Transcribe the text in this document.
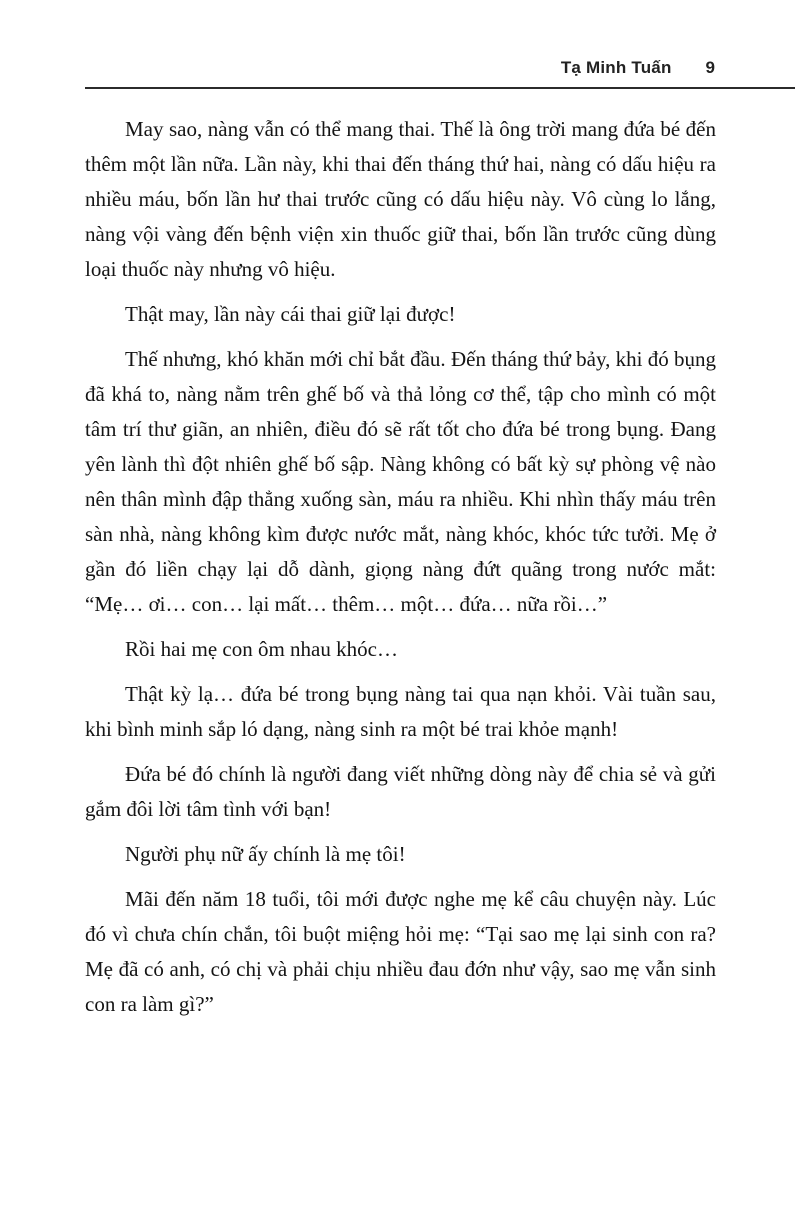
Tạ Minh Tuấn 9

May sao, nàng vẫn có thể mang thai. Thế là ông trời mang đứa bé đến thêm một lần nữa. Lần này, khi thai đến tháng thứ hai, nàng có dấu hiệu ra nhiều máu, bốn lần hư thai trước cũng có dấu hiệu này. Vô cùng lo lắng, nàng vội vàng đến bệnh viện xin thuốc giữ thai, bốn lần trước cũng dùng loại thuốc này nhưng vô hiệu.

Thật may, lần này cái thai giữ lại được!

Thế nhưng, khó khăn mới chỉ bắt đầu. Đến tháng thứ bảy, khi đó bụng đã khá to, nàng nằm trên ghế bố và thả lỏng cơ thể, tập cho mình có một tâm trí thư giãn, an nhiên, điều đó sẽ rất tốt cho đứa bé trong bụng. Đang yên lành thì đột nhiên ghế bố sập. Nàng không có bất kỳ sự phòng vệ nào nên thân mình đập thẳng xuống sàn, máu ra nhiều. Khi nhìn thấy máu trên sàn nhà, nàng không kìm được nước mắt, nàng khóc, khóc tức tưởi. Mẹ ở gần đó liền chạy lại dỗ dành, giọng nàng đứt quãng trong nước mắt: “Mẹ… ơi… con… lại mất… thêm… một… đứa… nữa rồi…”

Rồi hai mẹ con ôm nhau khóc…

Thật kỳ lạ… đứa bé trong bụng nàng tai qua nạn khỏi. Vài tuần sau, khi bình minh sắp ló dạng, nàng sinh ra một bé trai khỏe mạnh!

Đứa bé đó chính là người đang viết những dòng này để chia sẻ và gửi gắm đôi lời tâm tình với bạn!

Người phụ nữ ấy chính là mẹ tôi!

Mãi đến năm 18 tuổi, tôi mới được nghe mẹ kể câu chuyện này. Lúc đó vì chưa chín chắn, tôi buột miệng hỏi mẹ: “Tại sao mẹ lại sinh con ra? Mẹ đã có anh, có chị và phải chịu nhiều đau đớn như vậy, sao mẹ vẫn sinh con ra làm gì?”
